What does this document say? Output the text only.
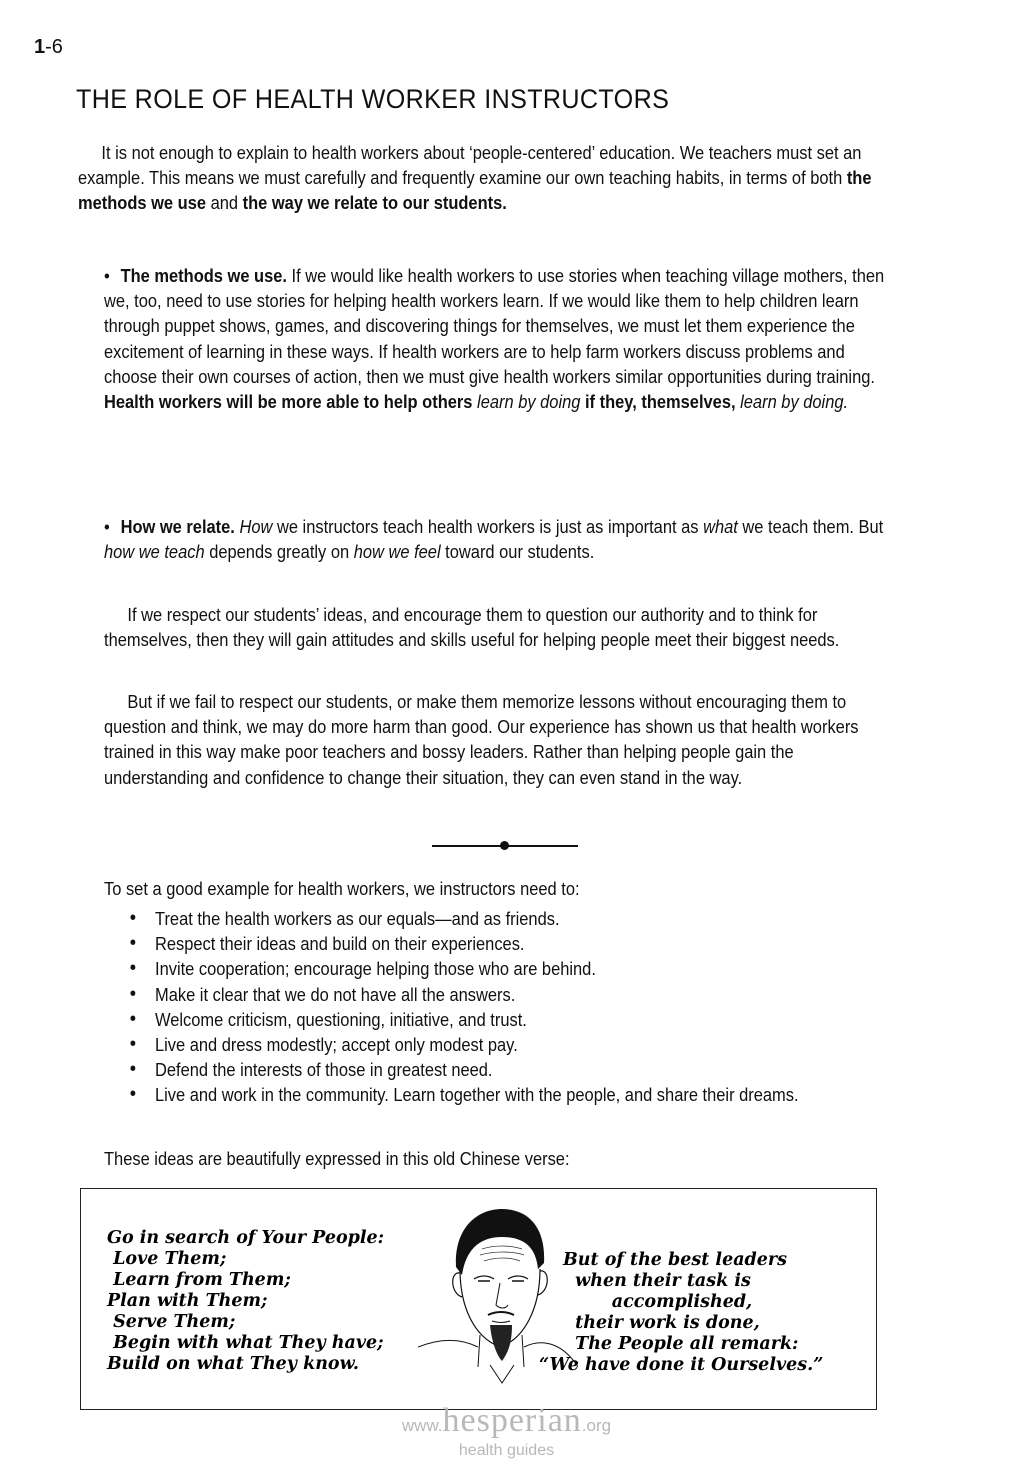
1-6
THE ROLE OF HEALTH WORKER INSTRUCTORS
It is not enough to explain to health workers about ‘people-centered’ education. We teachers must set an example. This means we must carefully and frequently examine our own teaching habits, in terms of both the methods we use and the way we relate to our students.
• The methods we use. If we would like health workers to use stories when teaching village mothers, then we, too, need to use stories for helping health workers learn. If we would like them to help children learn through puppet shows, games, and discovering things for themselves, we must let them experience the excitement of learning in these ways. If health workers are to help farm workers discuss problems and choose their own courses of action, then we must give health workers similar opportunities during training. Health workers will be more able to help others learn by doing if they, themselves, learn by doing.
• How we relate. How we instructors teach health workers is just as important as what we teach them. But how we teach depends greatly on how we feel toward our students.

If we respect our students’ ideas, and encourage them to question our authority and to think for themselves, then they will gain attitudes and skills useful for helping people meet their biggest needs.

But if we fail to respect our students, or make them memorize lessons without encouraging them to question and think, we may do more harm than good. Our experience has shown us that health workers trained in this way make poor teachers and bossy leaders. Rather than helping people gain the understanding and confidence to change their situation, they can even stand in the way.

To set a good example for health workers, we instructors need to:

• Treat the health workers as our equals—and as friends.
• Respect their ideas and build on their experiences.
• Invite cooperation; encourage helping those who are behind.
• Make it clear that we do not have all the answers.
• Welcome criticism, questioning, initiative, and trust.
• Live and dress modestly; accept only modest pay.
• Defend the interests of those in greatest need.
• Live and work in the community. Learn together with the people, and share their dreams.

These ideas are beautifully expressed in this old Chinese verse:

Go in search of Your People:
Love Them;
Learn from Them;
Plan with Them;
Serve Them;
Begin with what They have;
Build on what They know.
But of the best leaders
when their task is
accomplished,
their work is done,
The People all remark:
“We have done it Ourselves.”
www.hesperian.org
health guides
